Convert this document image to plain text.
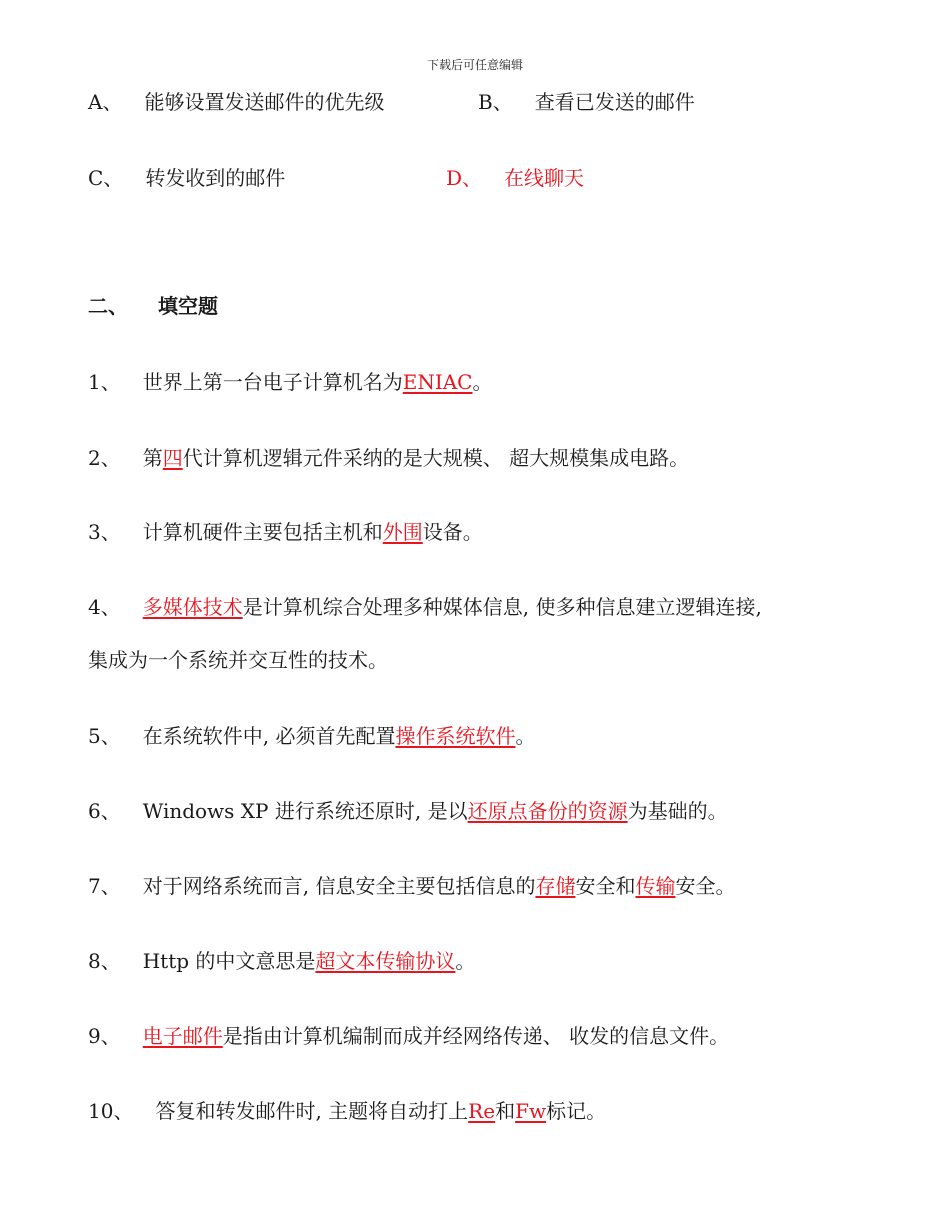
下载后可任意编辑
A、 能够设置发送邮件的优先级	B、 查看已发送的邮件
C、 转发收到的邮件	D、 在线聊天
二、 填空题
1、 世界上第一台电子计算机名为ENIAC。
2、 第四代计算机逻辑元件采纳的是大规模、 超大规模集成电路。
3、 计算机硬件主要包括主机和外围设备。
4、 多媒体技术是计算机综合处理多种媒体信息, 使多种信息建立逻辑连接,
集成为一个系统并交互性的技术。
5、 在系统软件中, 必须首先配置操作系统软件。
6、 Windows XP 进行系统还原时, 是以还原点备份的资源为基础的。
7、 对于网络系统而言, 信息安全主要包括信息的存储安全和传输安全。
8、 Http 的中文意思是超文本传输协议。
9、 电子邮件是指由计算机编制而成并经网络传递、 收发的信息文件。
10、 答复和转发邮件时, 主题将自动打上Re和Fw标记。
